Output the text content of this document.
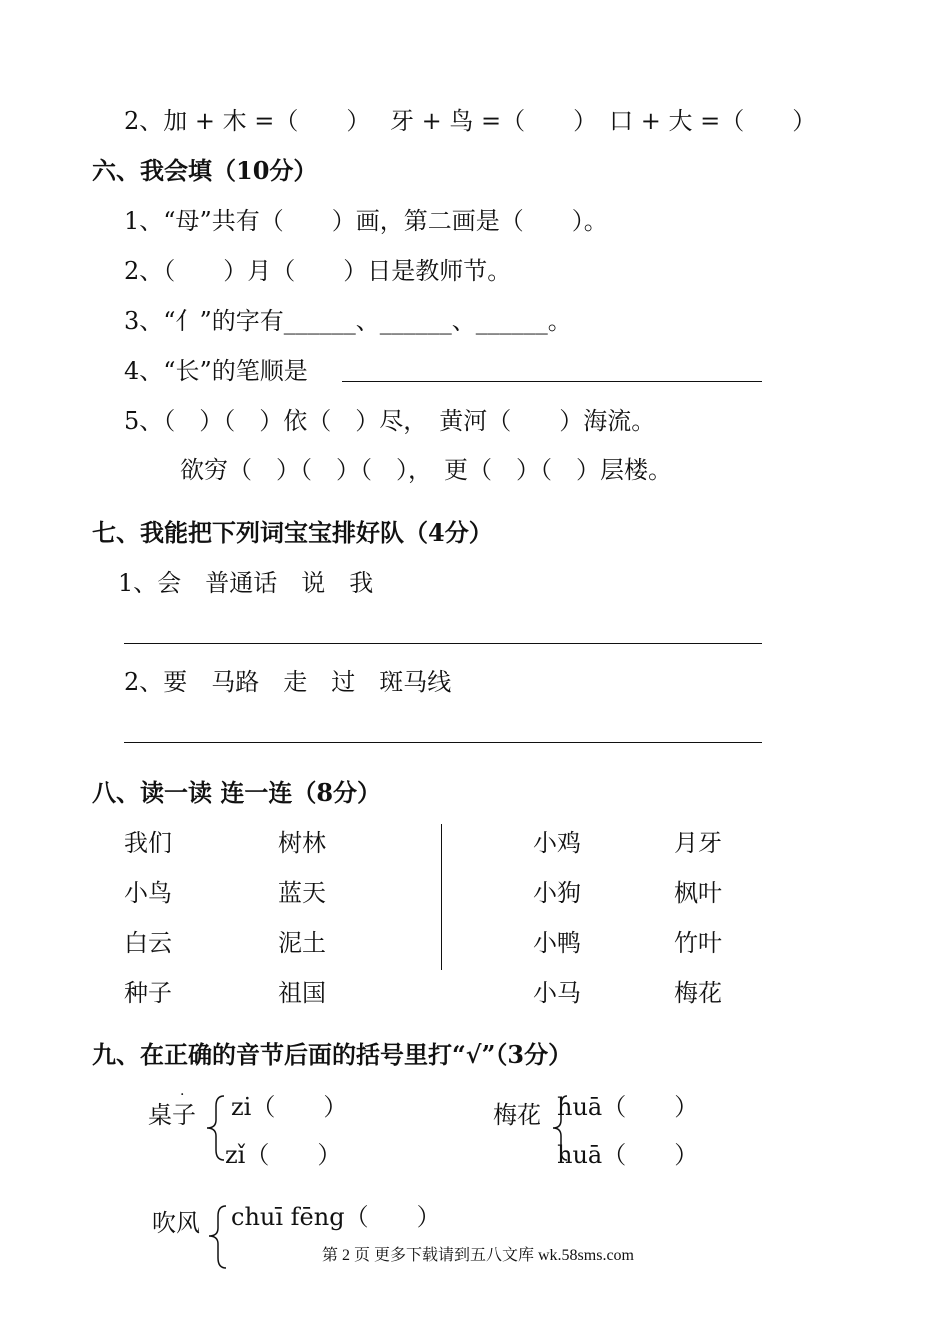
2、加 + 木 =（　　）　 牙 + 鸟 =（　　）　口 + 大 =（　　）
六、我会填（10分）
1、“母”共有（　　）画，第二画是（　　）。
2、（　　）月（　　）日是教师节。
3、“亻”的字有______、______、______。
4、“长”的笔顺是
5、（　）（　）依（　）尽，　黄河（　　）海流。
欲穷（　）（　）（　），　更（　）（　）层楼。
七、我能把下列词宝宝排好队（4分）
1、会　普通话　说　我
2、要　马路　走　过　斑马线
八、读一读 连一连（8分）
我们
小鸟
白云
种子
树林
蓝天
泥土
祖国
小鸡
小狗
小鸭
小马
月牙
枫叶
竹叶
梅花
九、在正确的音节后面的括号里打“√”（3分）
桌子
· zi（　　）
zǐ（　　）
梅花 huā（　　）
huā（　　）
吹风 chuī fēng（　　）
第 2 页 更多下载请到五八文库 wk.58sms.com
